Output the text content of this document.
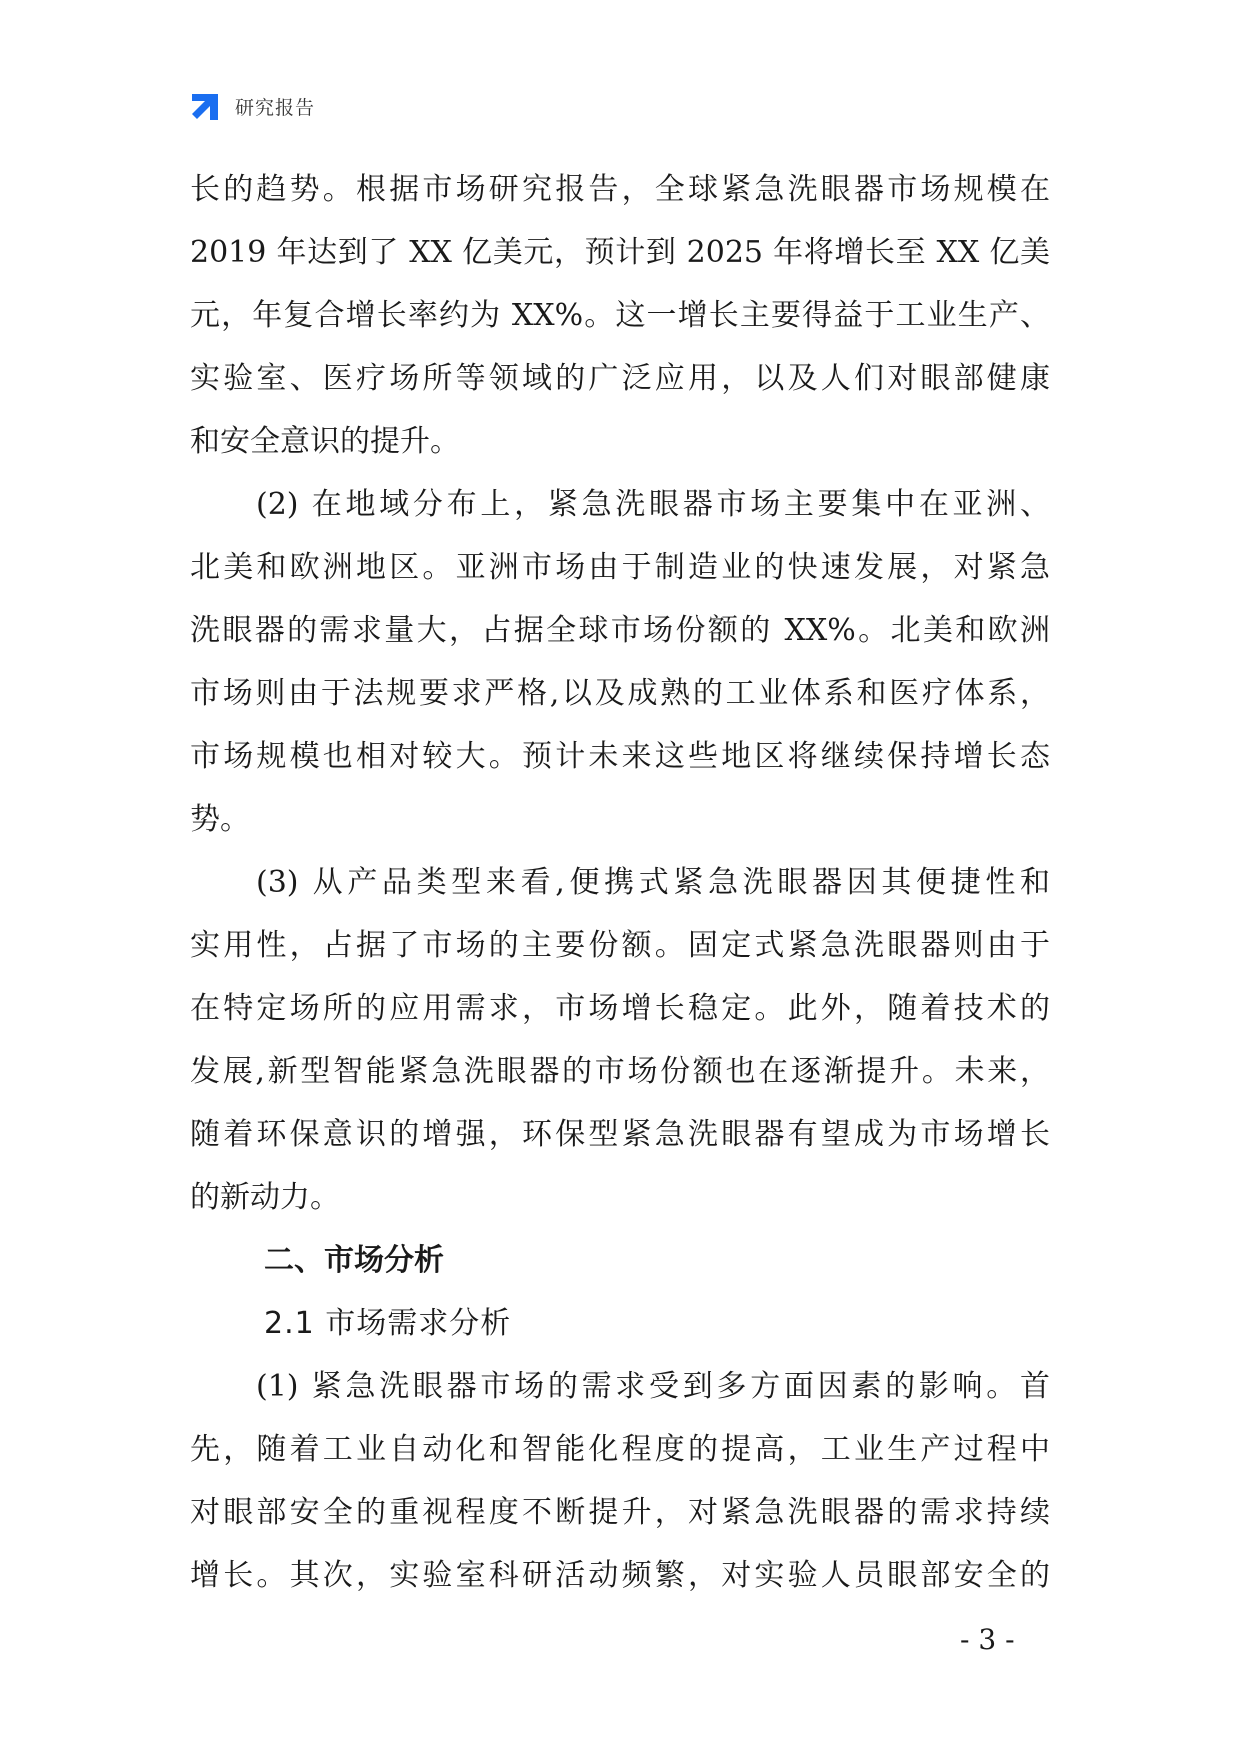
研究报告
长的趋势。根据市场研究报告，全球紧急洗眼器市场规模在
2019 年达到了 XX 亿美元，预计到 2025 年将增长至 XX 亿美
元，年复合增长率约为 XX%。这一增长主要得益于工业生产、
实验室、医疗场所等领域的广泛应用，以及人们对眼部健康
和安全意识的提升。
(2) 在地域分布上，紧急洗眼器市场主要集中在亚洲、
北美和欧洲地区。亚洲市场由于制造业的快速发展，对紧急
洗眼器的需求量大，占据全球市场份额的 XX%。北美和欧洲
市场则由于法规要求严格,以及成熟的工业体系和医疗体系，
市场规模也相对较大。预计未来这些地区将继续保持增长态
势。
(3) 从产品类型来看,便携式紧急洗眼器因其便捷性和
实用性，占据了市场的主要份额。固定式紧急洗眼器则由于
在特定场所的应用需求，市场增长稳定。此外，随着技术的
发展,新型智能紧急洗眼器的市场份额也在逐渐提升。未来，
随着环保意识的增强，环保型紧急洗眼器有望成为市场增长
的新动力。
二、市场分析
2.1 市场需求分析
(1) 紧急洗眼器市场的需求受到多方面因素的影响。首
先，随着工业自动化和智能化程度的提高，工业生产过程中
对眼部安全的重视程度不断提升，对紧急洗眼器的需求持续
增长。其次，实验室科研活动频繁，对实验人员眼部安全的
- 3 -
